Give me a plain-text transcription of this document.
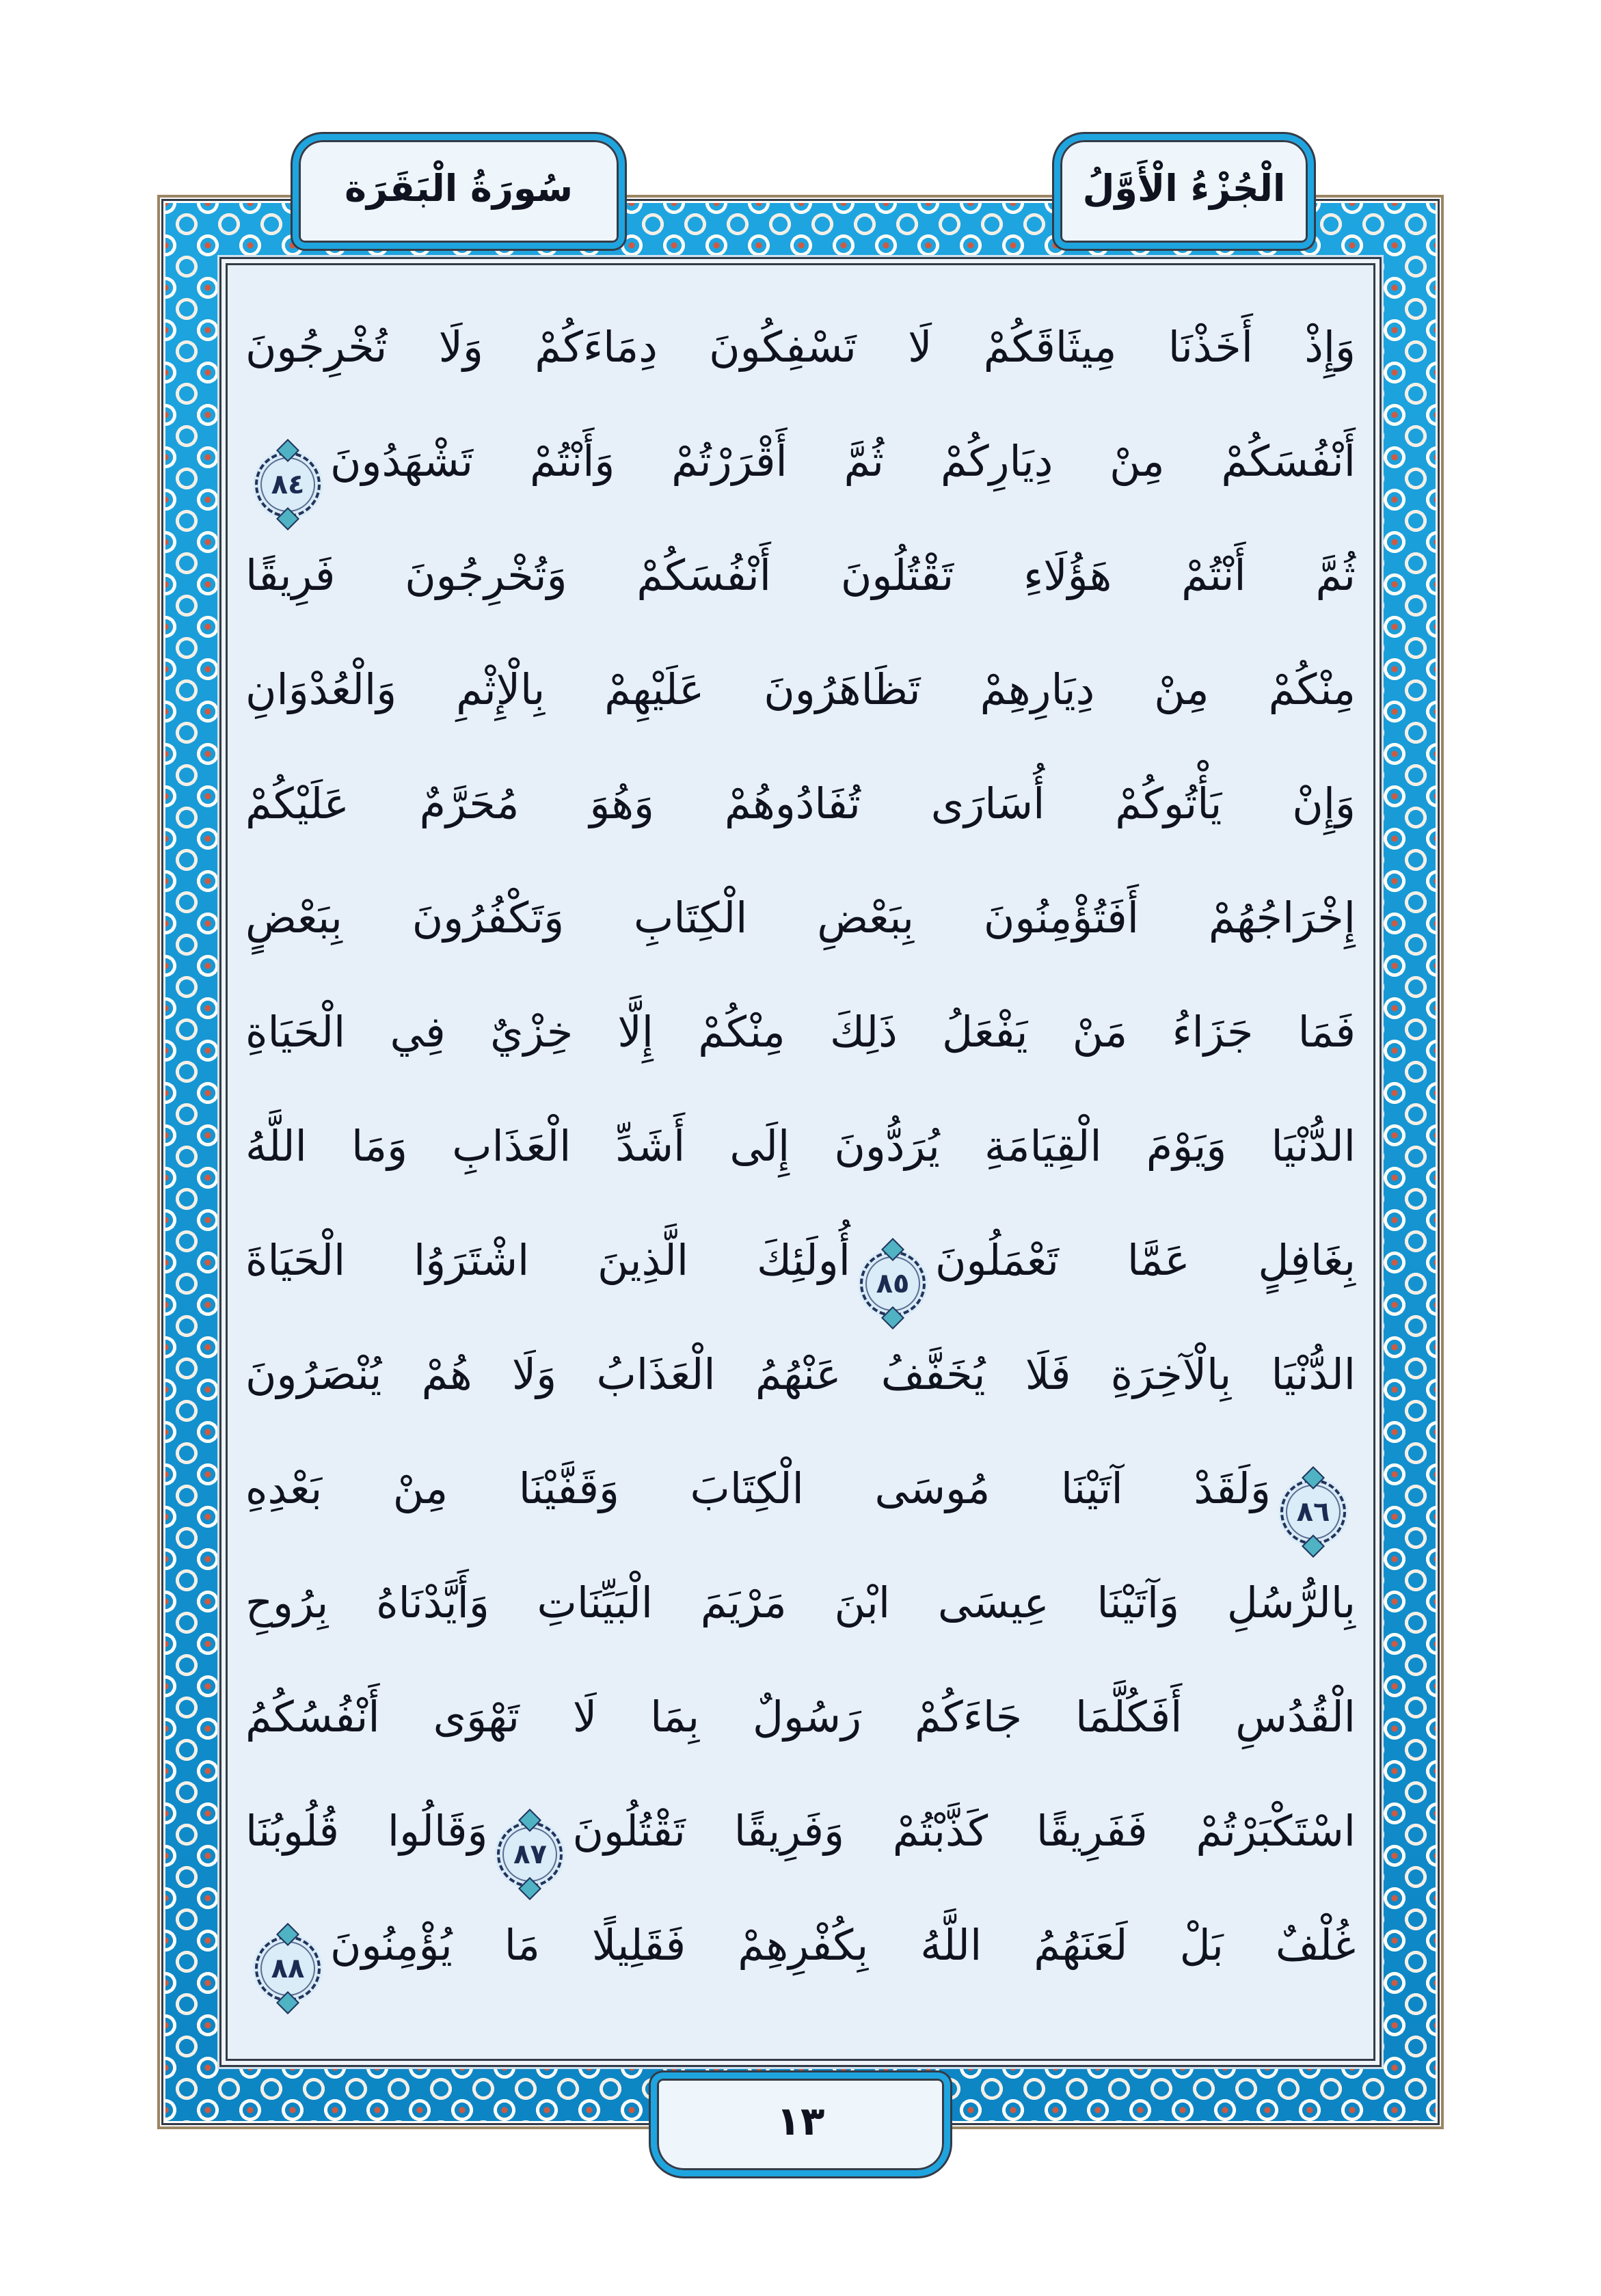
سُورَةُ الْبَقَرَة	الْجُزْءُ الْأَوَّلُ
وَإِذْ أَخَذْنَا مِيثَاقَكُمْ لَا تَسْفِكُونَ دِمَاءَكُمْ وَلَا تُخْرِجُونَ
أَنْفُسَكُمْ مِنْ دِيَارِكُمْ ثُمَّ أَقْرَرْتُمْ وَأَنْتُمْ تَشْهَدُونَ
٨٤
ثُمَّ أَنْتُمْ هَؤُلَاءِ تَقْتُلُونَ أَنْفُسَكُمْ وَتُخْرِجُونَ فَرِيقًا
مِنْكُمْ مِنْ دِيَارِهِمْ تَظَاهَرُونَ عَلَيْهِمْ بِالْإِثْمِ وَالْعُدْوَانِ
وَإِنْ يَأْتُوكُمْ أُسَارَى تُفَادُوهُمْ وَهُوَ مُحَرَّمٌ عَلَيْكُمْ
إِخْرَاجُهُمْ أَفَتُؤْمِنُونَ بِبَعْضِ الْكِتَابِ وَتَكْفُرُونَ بِبَعْضٍ
فَمَا جَزَاءُ مَنْ يَفْعَلُ ذَلِكَ مِنْكُمْ إِلَّا خِزْيٌ فِي الْحَيَاةِ
الدُّنْيَا وَيَوْمَ الْقِيَامَةِ يُرَدُّونَ إِلَى أَشَدِّ الْعَذَابِ وَمَا اللَّهُ
بِغَافِلٍ عَمَّا تَعْمَلُونَ
٨٥
أُولَئِكَ الَّذِينَ اشْتَرَوُا الْحَيَاةَ
الدُّنْيَا بِالْآخِرَةِ فَلَا يُخَفَّفُ عَنْهُمُ الْعَذَابُ وَلَا هُمْ يُنْصَرُونَ
٨٦
وَلَقَدْ آتَيْنَا مُوسَى الْكِتَابَ وَقَفَّيْنَا مِنْ بَعْدِهِ
بِالرُّسُلِ وَآتَيْنَا عِيسَى ابْنَ مَرْيَمَ الْبَيِّنَاتِ وَأَيَّدْنَاهُ بِرُوحِ
الْقُدُسِ أَفَكُلَّمَا جَاءَكُمْ رَسُولٌ بِمَا لَا تَهْوَى أَنْفُسُكُمُ
اسْتَكْبَرْتُمْ فَفَرِيقًا كَذَّبْتُمْ وَفَرِيقًا تَقْتُلُونَ
٨٧
وَقَالُوا قُلُوبُنَا
غُلْفٌ بَلْ لَعَنَهُمُ اللَّهُ بِكُفْرِهِمْ فَقَلِيلًا مَا يُؤْمِنُونَ
٨٨
١٣
